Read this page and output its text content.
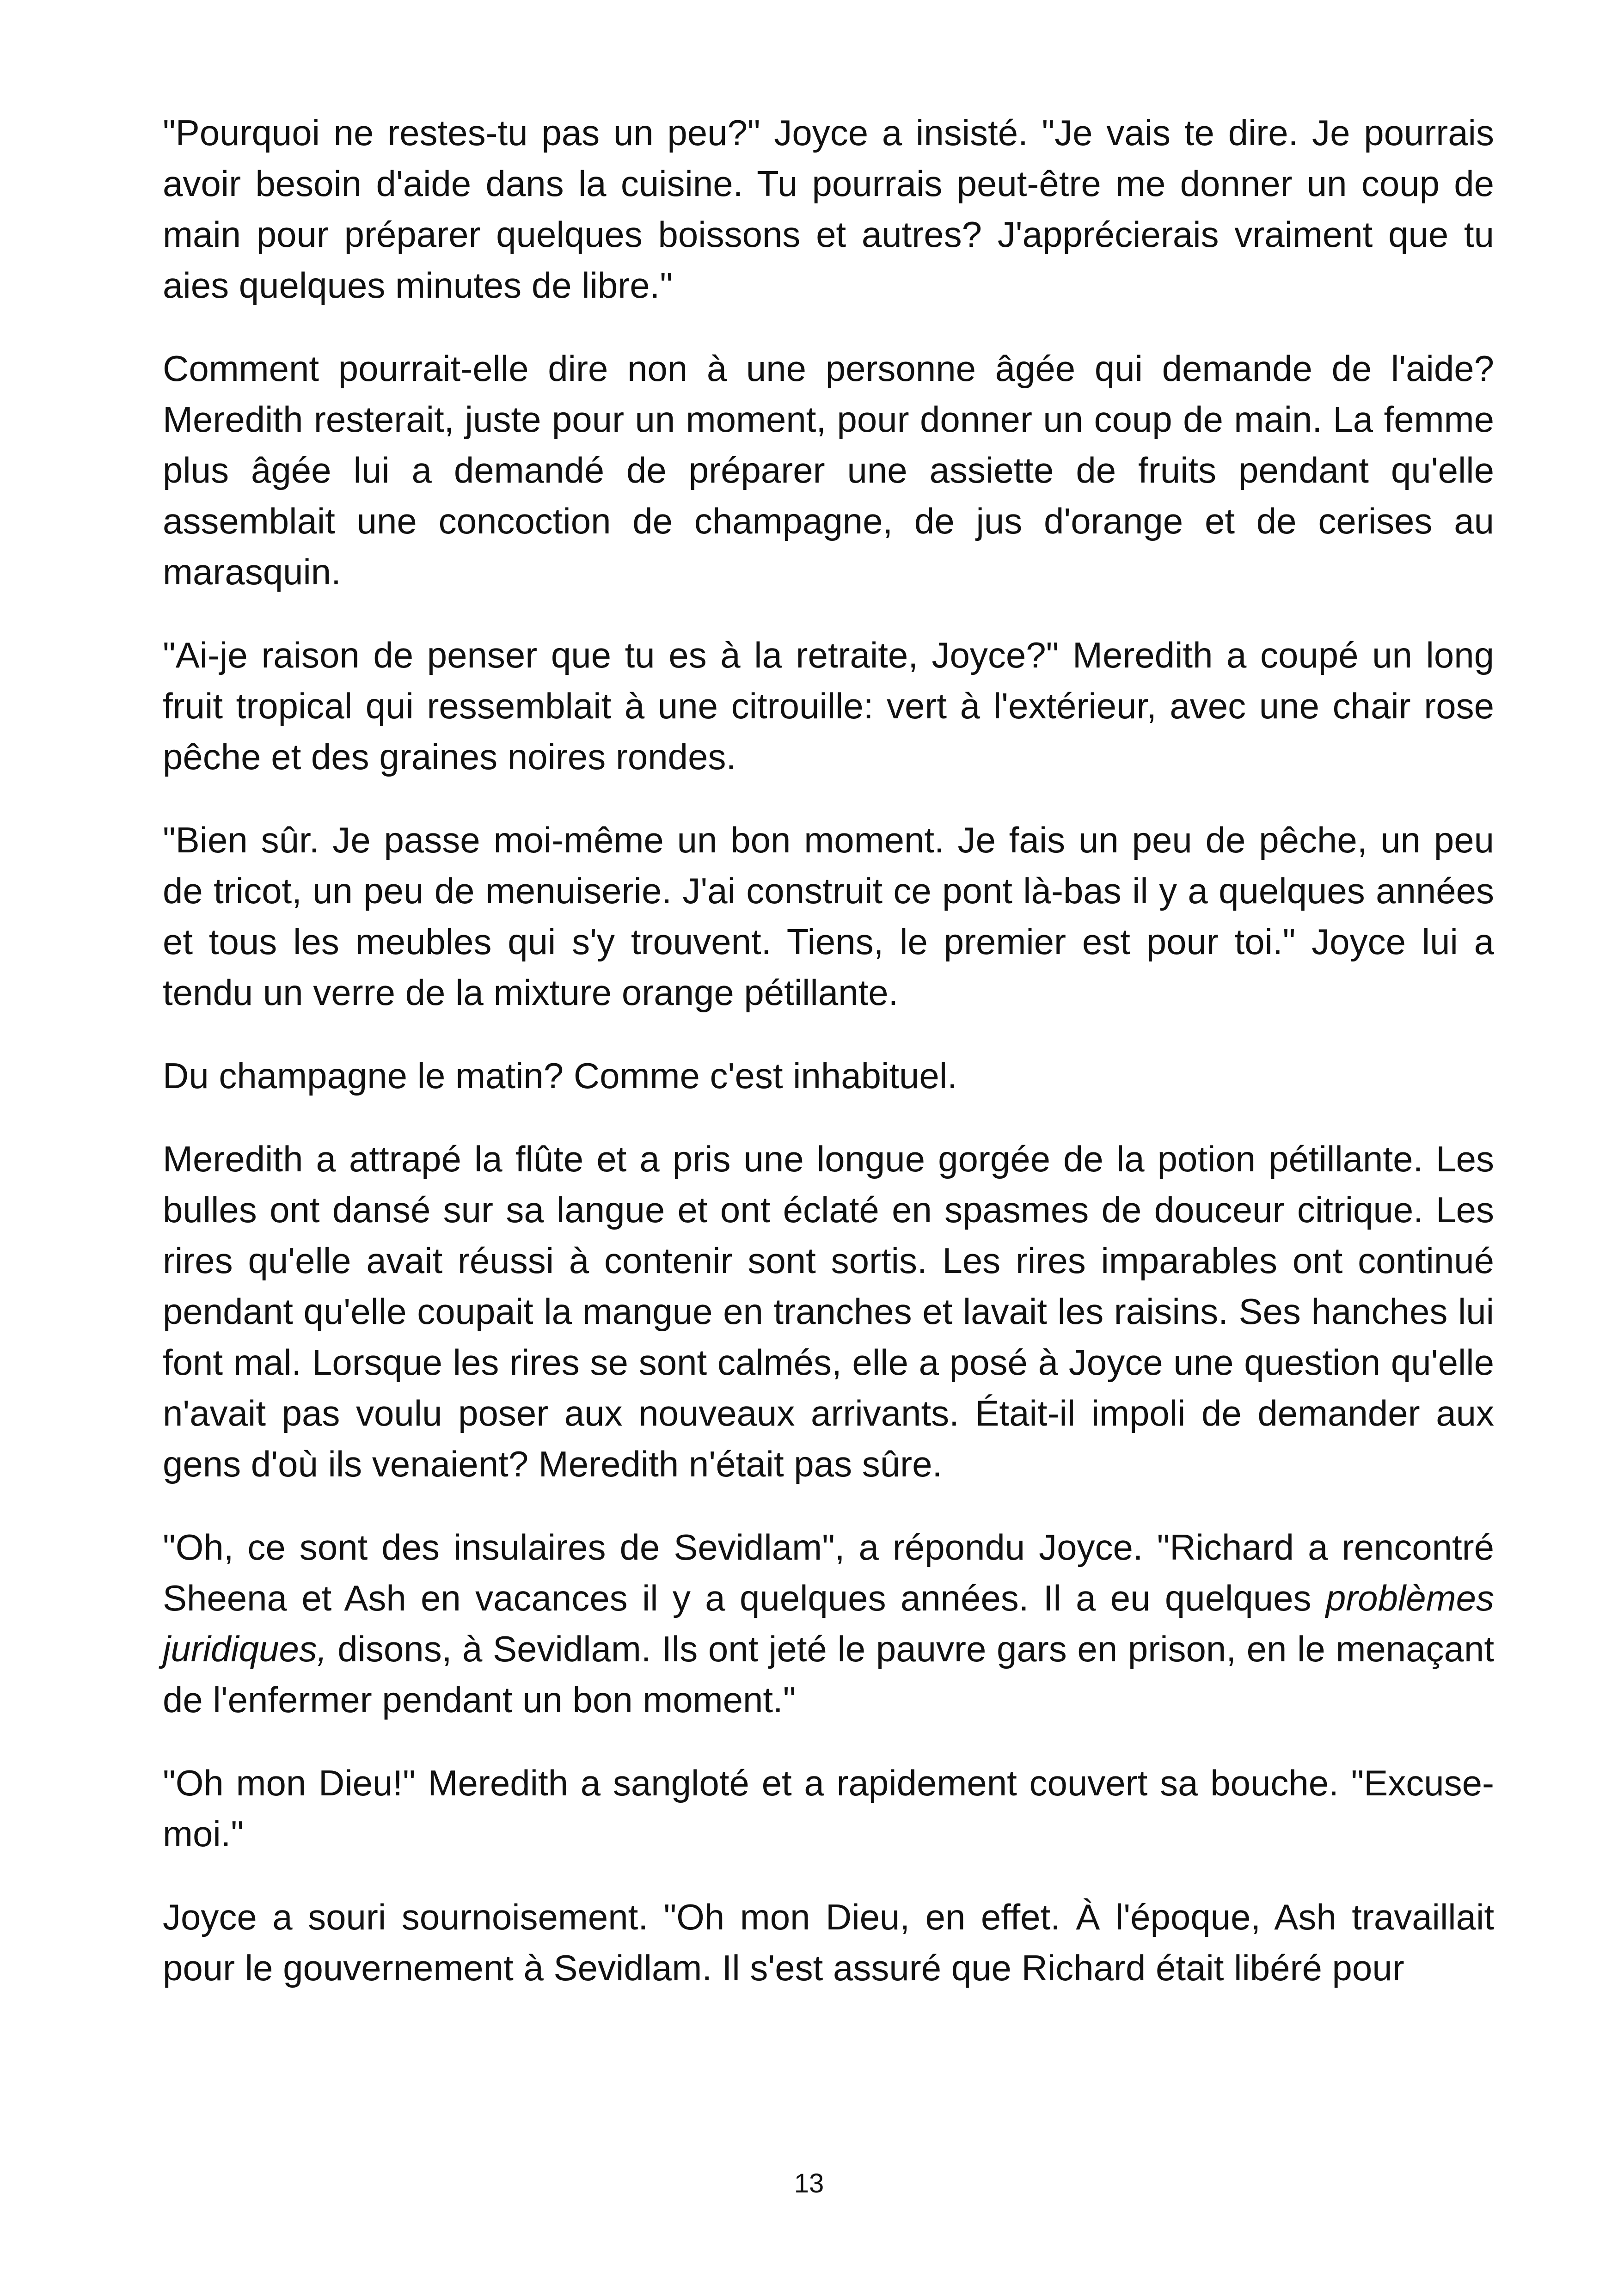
"Pourquoi ne restes-tu pas un peu?" Joyce a insisté. "Je vais te dire. Je pourrais avoir besoin d'aide dans la cuisine. Tu pourrais peut-être me donner un coup de main pour préparer quelques boissons et autres? J'apprécierais vraiment que tu aies quelques minutes de libre."

Comment pourrait-elle dire non à une personne âgée qui demande de l'aide? Meredith resterait, juste pour un moment, pour donner un coup de main. La femme plus âgée lui a demandé de préparer une assiette de fruits pendant qu'elle assemblait une concoction de champagne, de jus d'orange et de cerises au marasquin.

"Ai-je raison de penser que tu es à la retraite, Joyce?" Meredith a coupé un long fruit tropical qui ressemblait à une citrouille: vert à l'extérieur, avec une chair rose pêche et des graines noires rondes.

"Bien sûr. Je passe moi-même un bon moment. Je fais un peu de pêche, un peu de tricot, un peu de menuiserie. J'ai construit ce pont là-bas il y a quelques années et tous les meubles qui s'y trouvent. Tiens, le premier est pour toi." Joyce lui a tendu un verre de la mixture orange pétillante.

Du champagne le matin? Comme c'est inhabituel.

Meredith a attrapé la flûte et a pris une longue gorgée de la potion pétillante. Les bulles ont dansé sur sa langue et ont éclaté en spasmes de douceur citrique. Les rires qu'elle avait réussi à contenir sont sortis. Les rires imparables ont continué pendant qu'elle coupait la mangue en tranches et lavait les raisins. Ses hanches lui font mal. Lorsque les rires se sont calmés, elle a posé à Joyce une question qu'elle n'avait pas voulu poser aux nouveaux arrivants. Était-il impoli de demander aux gens d'où ils venaient? Meredith n'était pas sûre.

"Oh, ce sont des insulaires de Sevidlam", a répondu Joyce. "Richard a rencontré Sheena et Ash en vacances il y a quelques années. Il a eu quelques problèmes juridiques, disons, à Sevidlam. Ils ont jeté le pauvre gars en prison, en le menaçant de l'enfermer pendant un bon moment."

"Oh mon Dieu!" Meredith a sangloté et a rapidement couvert sa bouche. "Excuse-moi."

Joyce a souri sournoisement. "Oh mon Dieu, en effet. À l'époque, Ash travaillait pour le gouvernement à Sevidlam. Il s'est assuré que Richard était libéré pour

13
